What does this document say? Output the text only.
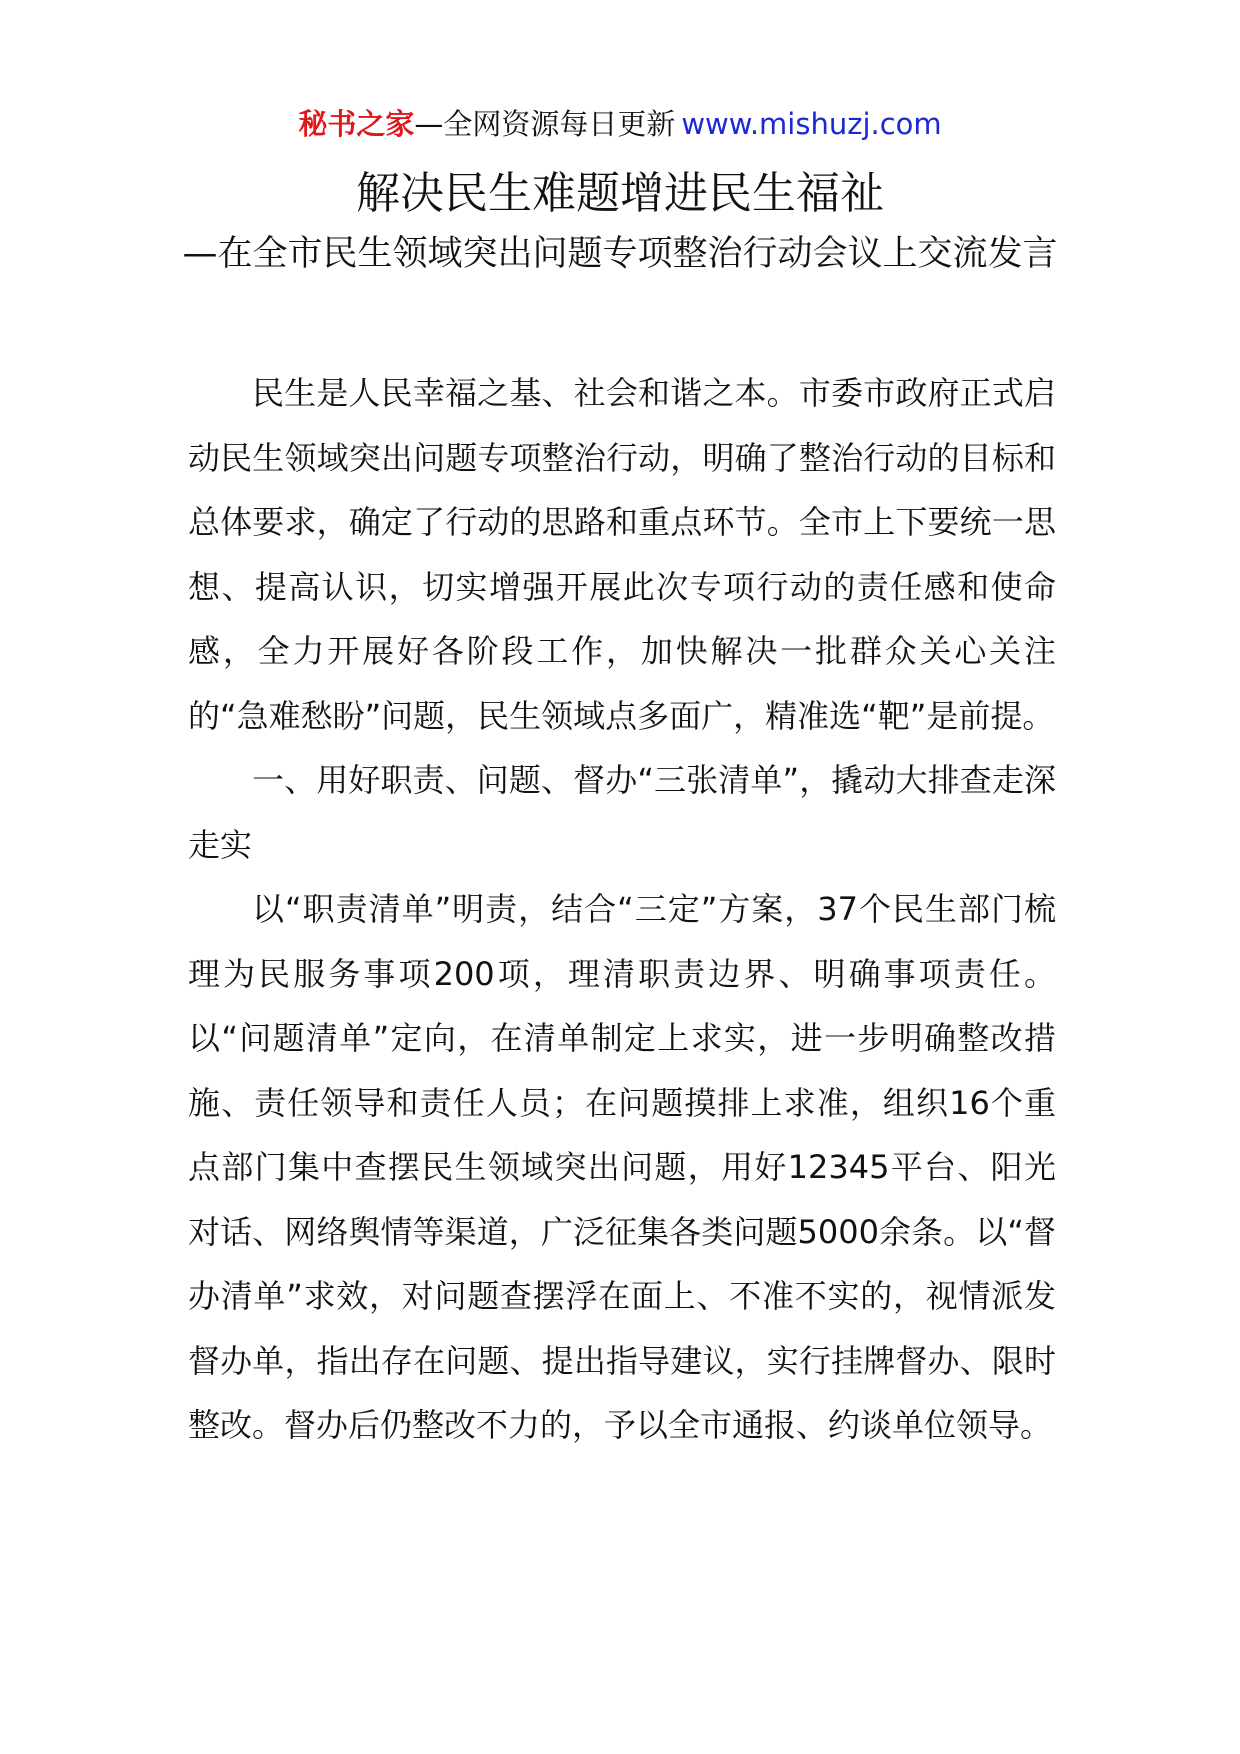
秘书之家—全网资源每日更新 www.mishuzj.com
解决民生难题增进民生福祉
—在全市民生领域突出问题专项整治行动会议上交流发言

民生是人民幸福之基、社会和谐之本。市委市政府正式启动民生领域突出问题专项整治行动，明确了整治行动的目标和总体要求，确定了行动的思路和重点环节。全市上下要统一思想、提高认识，切实增强开展此次专项行动的责任感和使命感，全力开展好各阶段工作，加快解决一批群众关心关注的“急难愁盼”问题，民生领域点多面广，精准选“靶”是前提。

一、用好职责、问题、督办“三张清单”，撬动大排查走深走实

以“职责清单”明责，结合“三定”方案，37个民生部门梳理为民服务事项200项，理清职责边界、明确事项责任。以“问题清单”定向，在清单制定上求实，进一步明确整改措施、责任领导和责任人员；在问题摸排上求准，组织16个重点部门集中查摆民生领域突出问题，用好12345平台、阳光对话、网络舆情等渠道，广泛征集各类问题5000余条。以“督办清单”求效，对问题查摆浮在面上、不准不实的，视情派发督办单，指出存在问题、提出指导建议，实行挂牌督办、限时整改。督办后仍整改不力的，予以全市通报、约谈单位领导。
